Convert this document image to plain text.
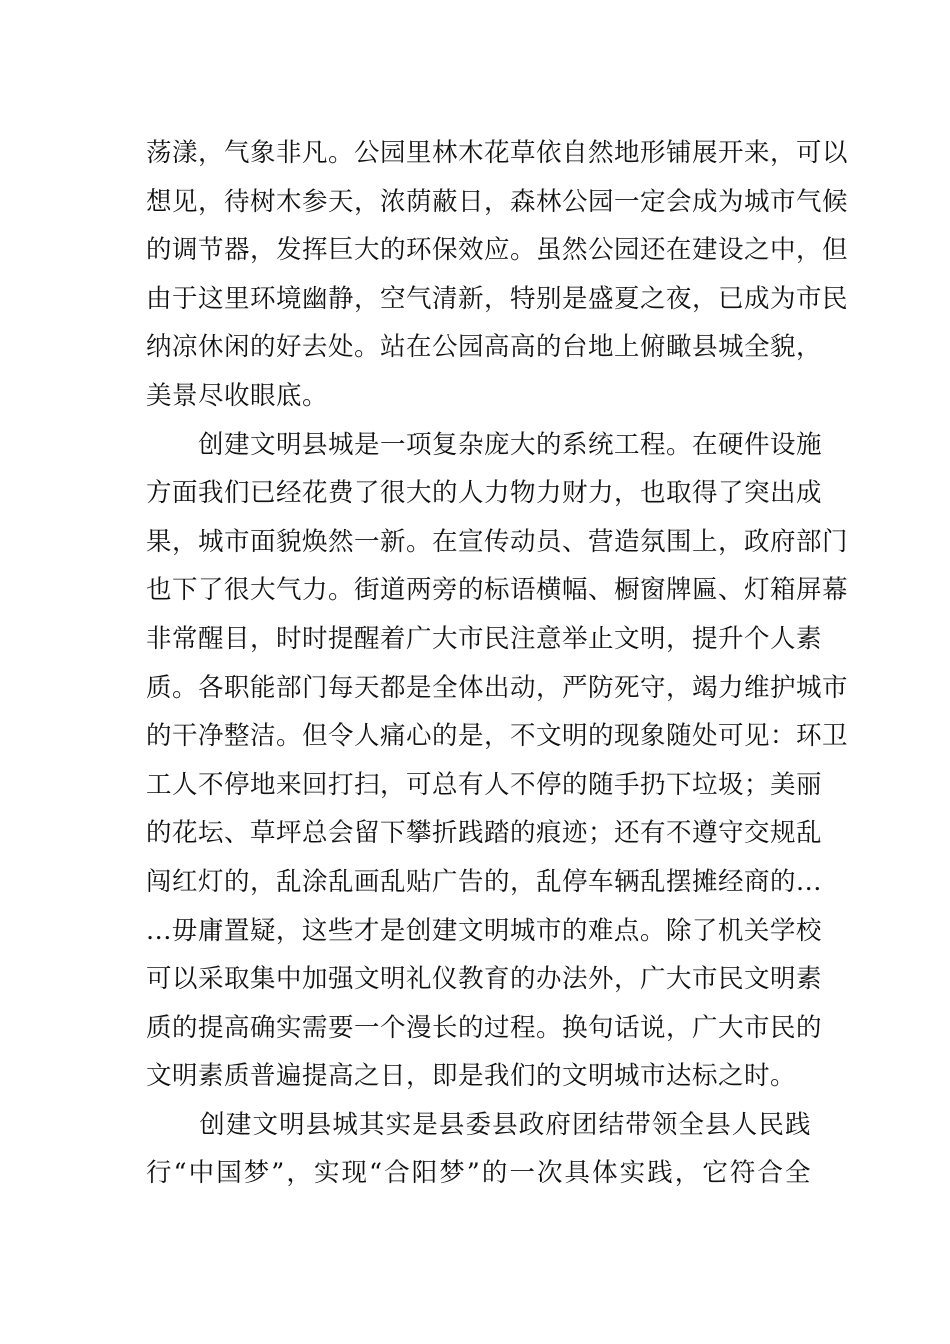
荡漾，气象非凡。公园里林木花草依自然地形铺展开来，可以
想见，待树木参天，浓荫蔽日，森林公园一定会成为城市气候
的调节器，发挥巨大的环保效应。虽然公园还在建设之中，但
由于这里环境幽静，空气清新，特别是盛夏之夜，已成为市民
纳凉休闲的好去处。站在公园高高的台地上俯瞰县城全貌，
美景尽收眼底。
　　创建文明县城是一项复杂庞大的系统工程。在硬件设施
方面我们已经花费了很大的人力物力财力，也取得了突出成
果，城市面貌焕然一新。在宣传动员、营造氛围上，政府部门
也下了很大气力。街道两旁的标语横幅、橱窗牌匾、灯箱屏幕
非常醒目，时时提醒着广大市民注意举止文明，提升个人素
质。各职能部门每天都是全体出动，严防死守，竭力维护城市
的干净整洁。但令人痛心的是，不文明的现象随处可见：环卫
工人不停地来回打扫，可总有人不停的随手扔下垃圾；美丽
的花坛、草坪总会留下攀折践踏的痕迹；还有不遵守交规乱
闯红灯的，乱涂乱画乱贴广告的，乱停车辆乱摆摊经商的...
...毋庸置疑，这些才是创建文明城市的难点。除了机关学校
可以采取集中加强文明礼仪教育的办法外，广大市民文明素
质的提高确实需要一个漫长的过程。换句话说，广大市民的
文明素质普遍提高之日，即是我们的文明城市达标之时。
　　创建文明县城其实是县委县政府团结带领全县人民践
行“中国梦”，实现“合阳梦”的一次具体实践，它符合全
